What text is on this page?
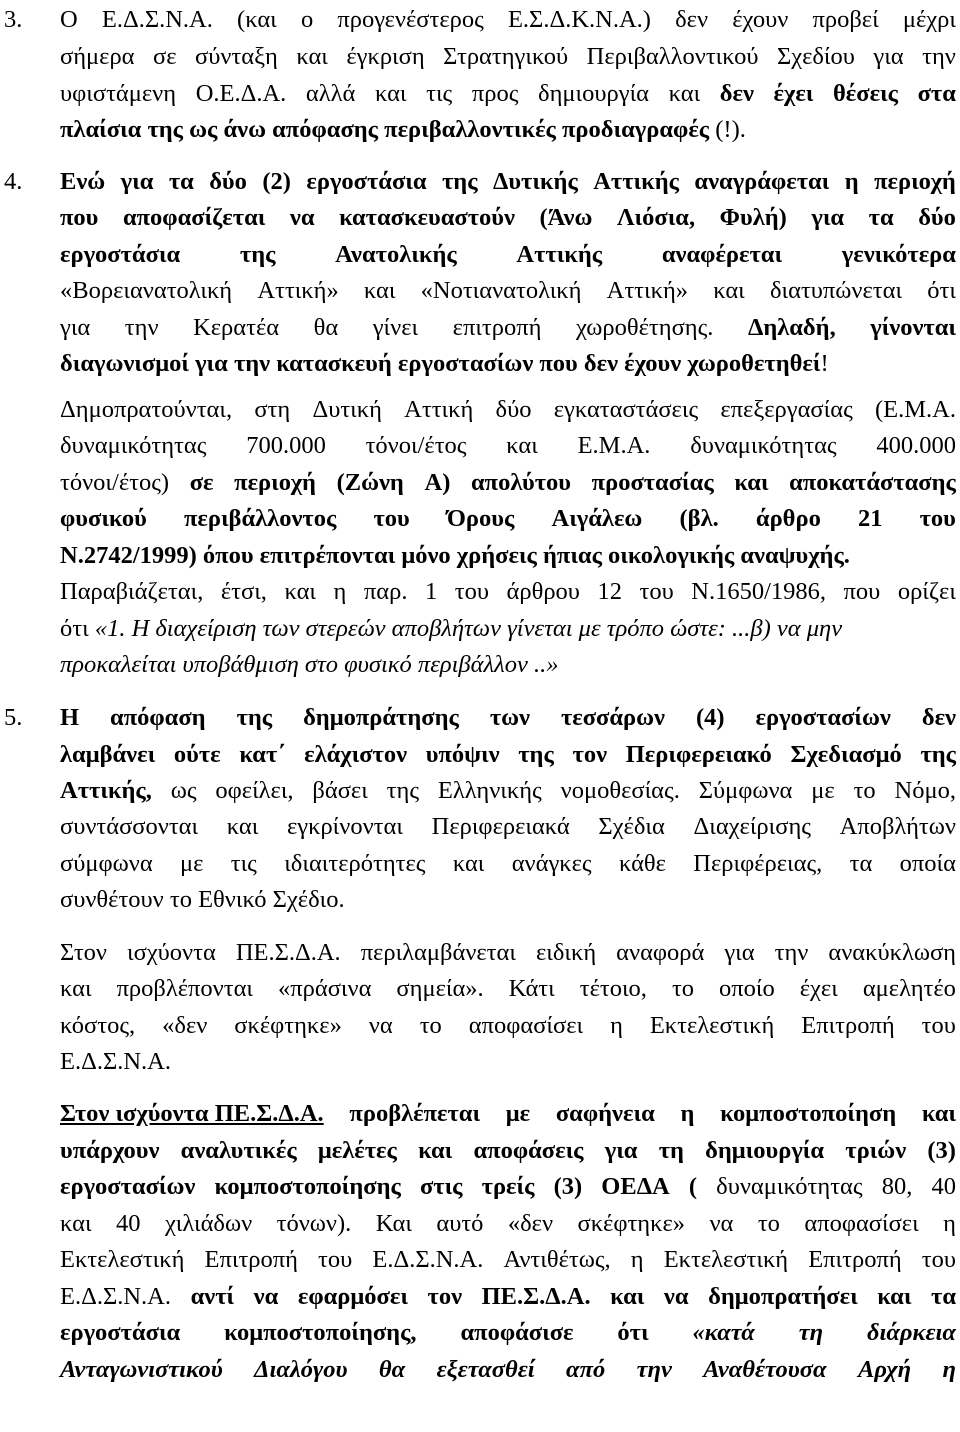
3. Ο Ε.Δ.Σ.Ν.Α. (και ο προγενέστερος Ε.Σ.Δ.Κ.Ν.Α.) δεν έχουν προβεί μέχρι
σήμερα σε σύνταξη και έγκριση Στρατηγικού Περιβαλλοντικού Σχεδίου για την
υφιστάμενη Ο.Ε.Δ.Α. αλλά και τις προς δημιουργία και δεν έχει θέσεις στα
πλαίσια της ως άνω απόφασης περιβαλλοντικές προδιαγραφές (!).
4. Ενώ για τα δύο (2) εργοστάσια της Δυτικής Αττικής αναγράφεται η περιοχή
που αποφασίζεται να κατασκευαστούν (Άνω Λιόσια, Φυλή) για τα δύο
εργοστάσια της Ανατολικής Αττικής αναφέρεται γενικότερα
«Βορειανατολική Αττική» και «Νοτιανατολική Αττική» και διατυπώνεται ότι
για την Κερατέα θα γίνει επιτροπή χωροθέτησης. Δηλαδή, γίνονται
διαγωνισμοί για την κατασκευή εργοστασίων που δεν έχουν χωροθετηθεί!
Δημοπρατούνται, στη Δυτική Αττική δύο εγκαταστάσεις επεξεργασίας (Ε.Μ.Α.
δυναμικότητας 700.000 τόνοι/έτος και Ε.Μ.Α. δυναμικότητας 400.000
τόνοι/έτος) σε περιοχή (Ζώνη Α) απολύτου προστασίας και αποκατάστασης
φυσικού περιβάλλοντος του Όρους Αιγάλεω (βλ. άρθρο 21 του
Ν.2742/1999) όπου επιτρέπονται μόνο χρήσεις ήπιας οικολογικής αναψυχής.
Παραβιάζεται, έτσι, και η παρ. 1 του άρθρου 12 του Ν.1650/1986, που ορίζει
ότι «1. Η διαχείριση των στερεών αποβλήτων γίνεται με τρόπο ώστε: ...β) να μην
προκαλείται υποβάθμιση στο φυσικό περιβάλλον ..»
5. Η απόφαση της δημοπράτησης των τεσσάρων (4) εργοστασίων δεν
λαμβάνει ούτε κατ΄ ελάχιστον υπόψιν της τον Περιφερειακό Σχεδιασμό της
Αττικής, ως οφείλει, βάσει της Ελληνικής νομοθεσίας. Σύμφωνα με το Νόμο,
συντάσσονται και εγκρίνονται Περιφερειακά Σχέδια Διαχείρισης Αποβλήτων
σύμφωνα με τις ιδιαιτερότητες και ανάγκες κάθε Περιφέρειας, τα οποία
συνθέτουν το Εθνικό Σχέδιο.
Στον ισχύοντα ΠΕ.Σ.Δ.Α. περιλαμβάνεται ειδική αναφορά για την ανακύκλωση
και προβλέπονται «πράσινα σημεία». Κάτι τέτοιο, το οποίο έχει αμελητέο
κόστος, «δεν σκέφτηκε» να το αποφασίσει η Εκτελεστική Επιτροπή του
Ε.Δ.Σ.Ν.Α.
Στον ισχύοντα ΠΕ.Σ.Δ.Α. προβλέπεται με σαφήνεια η κομποστοποίηση και
υπάρχουν αναλυτικές μελέτες και αποφάσεις για τη δημιουργία τριών (3)
εργοστασίων κομποστοποίησης στις τρείς (3) ΟΕΔΑ ( δυναμικότητας 80, 40
και 40 χιλιάδων τόνων). Και αυτό «δεν σκέφτηκε» να το αποφασίσει η
Εκτελεστική Επιτροπή του Ε.Δ.Σ.Ν.Α. Αντιθέτως, η Εκτελεστική Επιτροπή του
Ε.Δ.Σ.Ν.Α. αντί να εφαρμόσει τον ΠΕ.Σ.Δ.Α. και να δημοπρατήσει και τα
εργοστάσια κομποστοποίησης, αποφάσισε ότι «κατά τη διάρκεια
Ανταγωνιστικού Διαλόγου θα εξετασθεί από την Αναθέτουσα Αρχή η
